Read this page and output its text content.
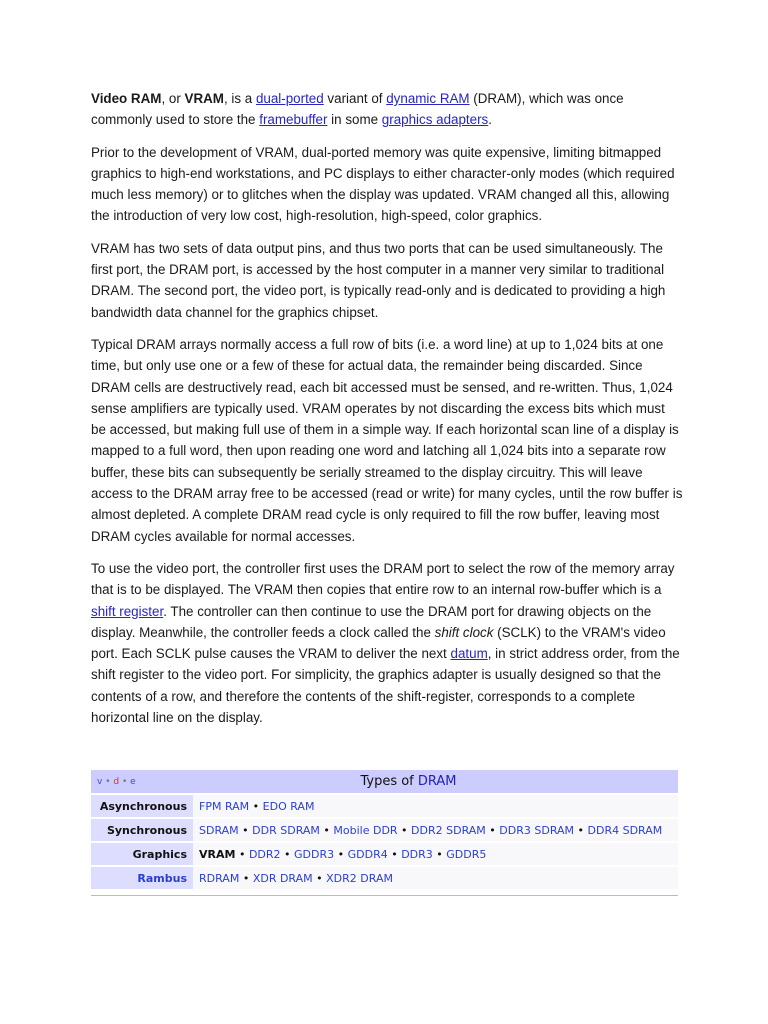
Video RAM, or VRAM, is a dual-ported variant of dynamic RAM (DRAM), which was once commonly used to store the framebuffer in some graphics adapters.

Prior to the development of VRAM, dual-ported memory was quite expensive, limiting bitmapped graphics to high-end workstations, and PC displays to either character-only modes (which required much less memory) or to glitches when the display was updated. VRAM changed all this, allowing the introduction of very low cost, high-resolution, high-speed, color graphics.

VRAM has two sets of data output pins, and thus two ports that can be used simultaneously. The first port, the DRAM port, is accessed by the host computer in a manner very similar to traditional DRAM. The second port, the video port, is typically read-only and is dedicated to providing a high bandwidth data channel for the graphics chipset.

Typical DRAM arrays normally access a full row of bits (i.e. a word line) at up to 1,024 bits at one time, but only use one or a few of these for actual data, the remainder being discarded. Since DRAM cells are destructively read, each bit accessed must be sensed, and re-written. Thus, 1,024 sense amplifiers are typically used. VRAM operates by not discarding the excess bits which must be accessed, but making full use of them in a simple way. If each horizontal scan line of a display is mapped to a full word, then upon reading one word and latching all 1,024 bits into a separate row buffer, these bits can subsequently be serially streamed to the display circuitry. This will leave access to the DRAM array free to be accessed (read or write) for many cycles, until the row buffer is almost depleted. A complete DRAM read cycle is only required to fill the row buffer, leaving most DRAM cycles available for normal accesses.

To use the video port, the controller first uses the DRAM port to select the row of the memory array that is to be displayed. The VRAM then copies that entire row to an internal row-buffer which is a shift register. The controller can then continue to use the DRAM port for drawing objects on the display. Meanwhile, the controller feeds a clock called the shift clock (SCLK) to the VRAM's video port. Each SCLK pulse causes the VRAM to deliver the next datum, in strict address order, from the shift register to the video port. For simplicity, the graphics adapter is usually designed so that the contents of a row, and therefore the contents of the shift-register, corresponds to a complete horizontal line on the display.

v • d • e	Types of DRAM
Asynchronous	FPM RAM • EDO RAM
Synchronous	SDRAM • DDR SDRAM • Mobile DDR • DDR2 SDRAM • DDR3 SDRAM • DDR4 SDRAM
Graphics	VRAM • DDR2 • GDDR3 • GDDR4 • DDR3 • GDDR5
Rambus	RDRAM • XDR DRAM • XDR2 DRAM
